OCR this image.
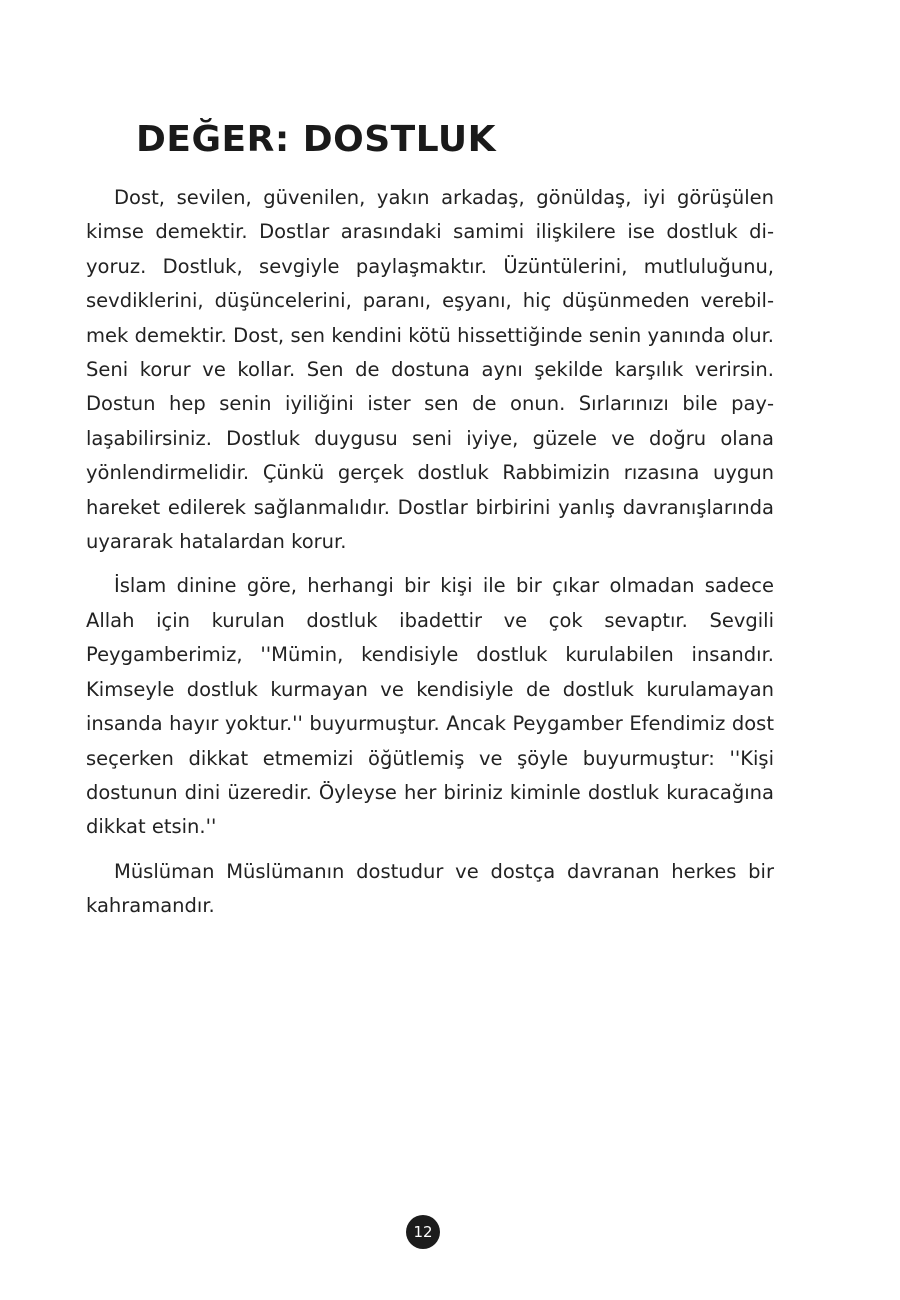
DEĞER: DOSTLUK

Dost, sevilen, güvenilen, yakın arkadaş, gönüldaş, iyi görüşülen kimse demektir. Dostlar arasındaki samimi ilişkilere ise dostluk diyoruz. Dostluk, sevgiyle paylaşmaktır. Üzüntülerini, mutluluğunu, sevdiklerini, düşüncelerini, paranı, eşyanı, hiç düşünmeden verebilmek demektir. Dost, sen kendini kötü hissettiğinde senin yanında olur. Seni korur ve kollar. Sen de dostuna aynı şekilde karşılık verirsin. Dostun hep senin iyiliğini ister sen de onun. Sırlarınızı bile paylaşabilirsiniz. Dostluk duygusu seni iyiye, güzele ve doğru olana yönlendirmelidir. Çünkü gerçek dostluk Rabbimizin rızasına uygun hareket edilerek sağlanmalıdır. Dostlar birbirini yanlış davranışlarında uyararak hatalardan korur.

İslam dinine göre, herhangi bir kişi ile bir çıkar olmadan sadece Allah için kurulan dostluk ibadettir ve çok sevaptır. Sevgili Peygamberimiz, ''Mümin, kendisiyle dostluk kurulabilen insandır. Kimseyle dostluk kurmayan ve kendisiyle de dostluk kurulamayan insanda hayır yoktur.'' buyurmuştur. Ancak Peygamber Efendimiz dost seçerken dikkat etmemizi öğütlemiş ve şöyle buyurmuştur: ''Kişi dostunun dini üzeredir. Öyleyse her biriniz kiminle dostluk kuracağına dikkat etsin.''

Müslüman Müslümanın dostudur ve dostça davranan herkes bir kahramandır.

12
